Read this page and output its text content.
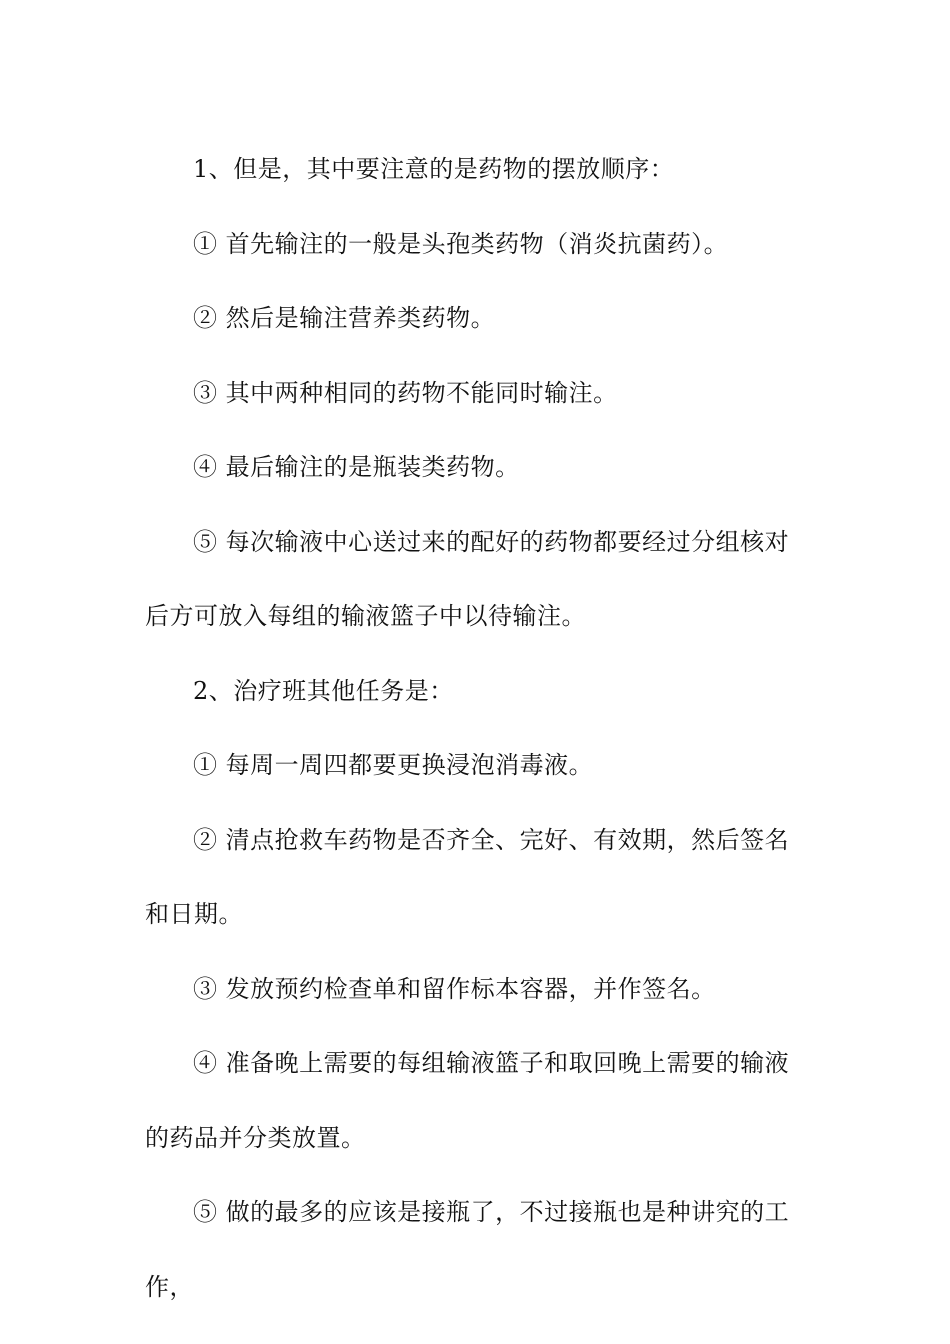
1、但是，其中要注意的是药物的摆放顺序：

① 首先输注的一般是头孢类药物（消炎抗菌药）。

② 然后是输注营养类药物。

③ 其中两种相同的药物不能同时输注。

④ 最后输注的是瓶装类药物。

⑤ 每次输液中心送过来的配好的药物都要经过分组核对后方可放入每组的输液篮子中以待输注。

2、治疗班其他任务是：

① 每周一周四都要更换浸泡消毒液。

② 清点抢救车药物是否齐全、完好、有效期，然后签名和日期。

③ 发放预约检查单和留作标本容器，并作签名。

④ 准备晚上需要的每组输液篮子和取回晚上需要的输液的药品并分类放置。

⑤ 做的最多的应该是接瓶了，不过接瓶也是种讲究的工作，
